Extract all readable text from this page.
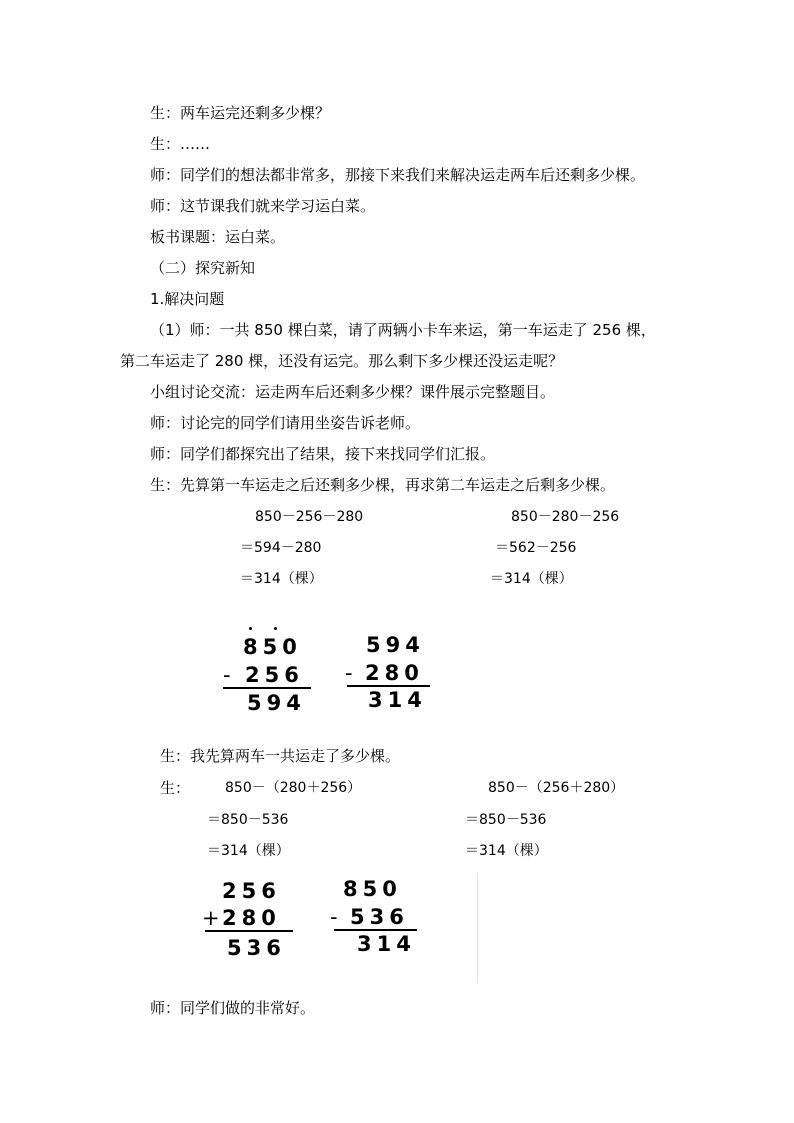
生：两车运完还剩多少棵？
生：……
师：同学们的想法都非常多，那接下来我们来解决运走两车后还剩多少棵。
师：这节课我们就来学习运白菜。
板书课题：运白菜。
（二）探究新知
1.解决问题
（1）师：一共 850 棵白菜，请了两辆小卡车来运，第一车运走了 256 棵，
第二车运走了 280 棵，还没有运完。那么剩下多少棵还没运走呢？
小组讨论交流：运走两车后还剩多少棵？课件展示完整题目。
师：讨论完的同学们请用坐姿告诉老师。
师：同学们都探究出了结果，接下来找同学们汇报。
生：先算第一车运走之后还剩多少棵，再求第二车运走之后剩多少棵。
850－256－280
＝594－280
＝314（棵）
850－280－256
＝562－256
＝314（棵）
850
- 256
594
594
- 280
314
生：我先算两车一共运走了多少棵。
生： 850－（280＋256）
＝850－536
＝314（棵）
850－（256＋280）
＝850－536
＝314（棵）
256
+
280
536
850
- 536
314
师：同学们做的非常好。
